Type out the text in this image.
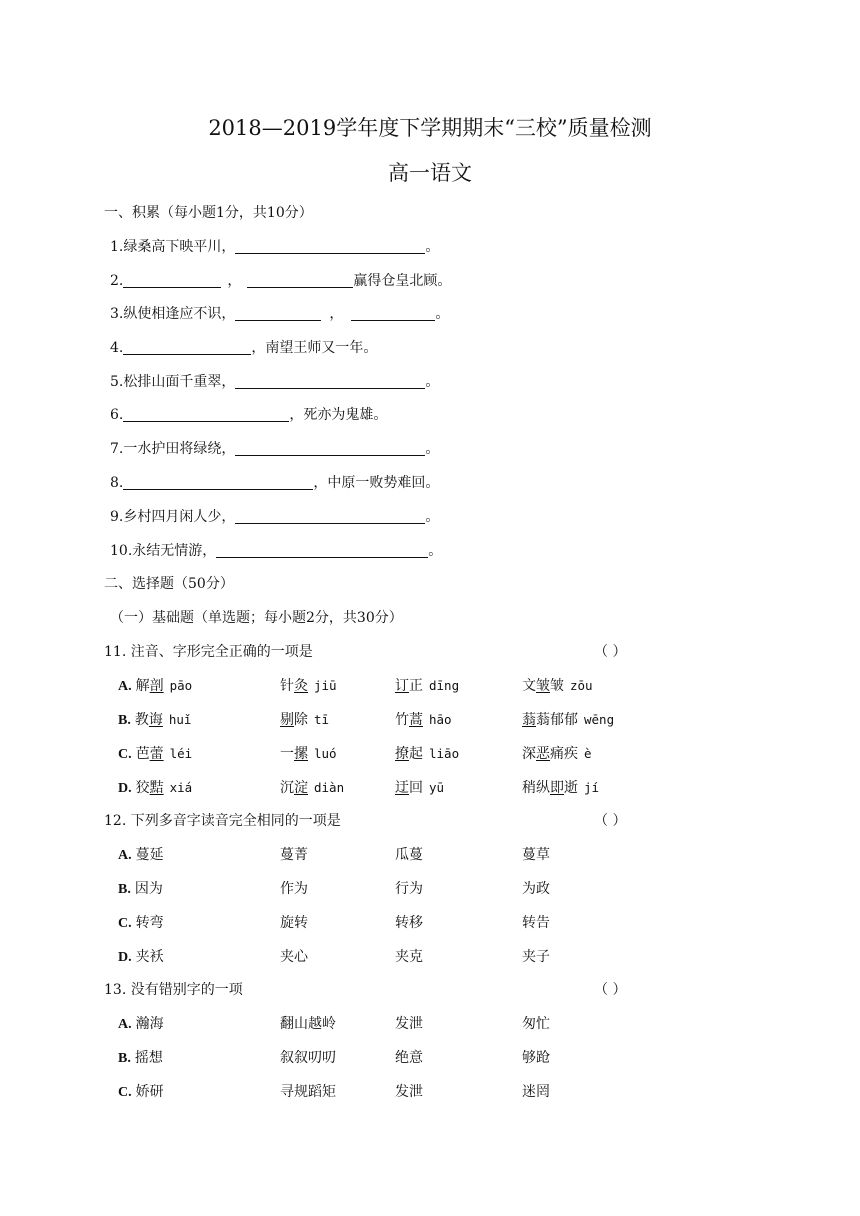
2018—2019学年度下学期期末“三校”质量检测
高一语文
一、积累（每小题1分，共10分）
1.绿桑高下映平川，	。
2.	，	赢得仓皇北顾。
3.纵使相逢应不识，	，	。
4.	，南望王师又一年。
5.松排山面千重翠，	。
6.	，死亦为鬼雄。
7.一水护田将绿绕，	。
8.	，中原一败势难回。
9.乡村四月闲人少，	。
10.永结无情游，	。
二、选择题（50分）
（一）基础题（单选题；每小题2分，共30分）
11. 注音、字形完全正确的一项是	（ ）
A. 解剖 pāo	针灸 jiū	订正 dīng	文皱皱 zōu
B. 教诲 huǐ	剔除 tī	竹蒿 hāo	蓊蓊郁郁 wēng
C. 芭蕾 léi	一摞 luó	撩起 liāo	深恶痛疾 è
D. 狡黠 xiá	沉淀 diàn	迂回 yū	稍纵即逝 jí
12. 下列多音字读音完全相同的一项是	（ ）
A. 蔓延	蔓菁	瓜蔓	蔓草
B. 因为	作为	行为	为政
C. 转弯	旋转	转移	转告
D. 夹袄	夹心	夹克	夹子
13. 没有错别字的一项	（ ）
A. 瀚海	翻山越岭	发泄	匆忙
B. 摇想	叙叙叨叨	绝意	够跄
C. 娇研	寻规蹈矩	发泄	迷罔
